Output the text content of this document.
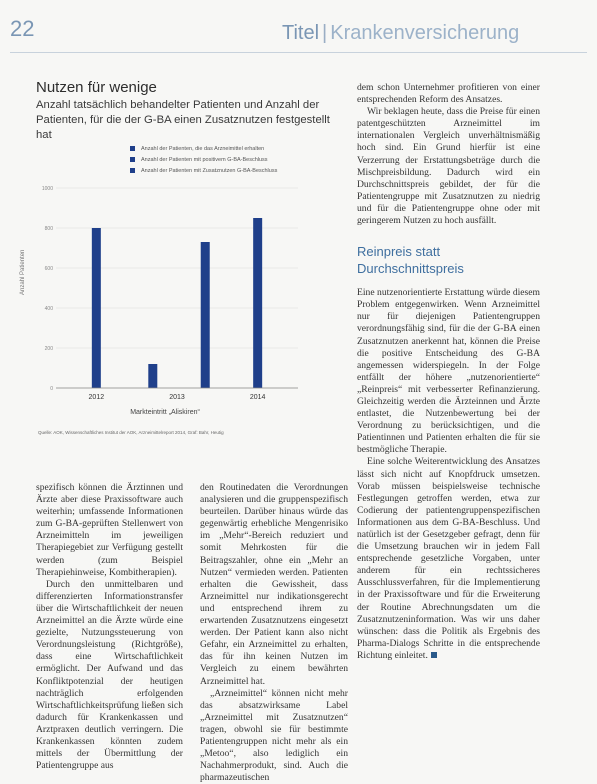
22	Titel | Krankenversicherung
Nutzen für wenige
Anzahl tatsächlich behandelter Patienten und Anzahl der Patienten, für die der G-BA einen Zusatznutzen festgestellt hat
Anzahl der Patienten, die das Arzneimittel erhalten
Anzahl der Patienten mit positivem G-BA-Beschluss
Anzahl der Patienten mit Zusatznutzen G-BA-Beschluss
1000
800
600
400
200
0
2012	2013	2014
Anzahl Patienten
Markteintritt „Aliskiren“
Quelle: AOK, Wissenschaftliches Institut der AOK, Arzneimittelreport 2014, Graf: Bahr, Heutig

dem schon Unternehmer profitieren von einer entsprechenden Reform des Ansatzes.

Wir beklagen heute, dass die Preise für einen patentgeschützten Arzneimittel im internationalen Vergleich unverhältnismäßig hoch sind. Ein Grund hierfür ist eine Verzerrung der Erstattungsbeträge durch die Mischpreisbildung. Dadurch wird ein Durchschnittspreis gebildet, der für die Patientengruppe mit Zusatznutzen zu niedrig und für die Patientengruppe ohne oder mit geringerem Nutzen zu hoch ausfällt.

Reinpreis statt Durchschnittspreis

Eine nutzenorientierte Erstattung würde diesem Problem entgegenwirken. Wenn Arzneimittel nur für diejenigen Patientengruppen verordnungsfähig sind, für die der G-BA einen Zusatznutzen anerkennt hat, können die Preise die positive Entscheidung des G-BA angemessen widerspiegeln. In der Folge entfällt der höhere „nutzenorientierte“ „Reinpreis“ mit verbesserter Refinanzierung. Gleichzeitig werden die Ärzteinnen und Ärzte entlastet, die Nutzenbewertung bei der Verordnung zu berücksichtigen, und die Patientinnen und Patienten erhalten die für sie bestmögliche Therapie.

Eine solche Weiterentwicklung des Ansatzes lässt sich nicht auf Knopfdruck umsetzen. Vorab müssen beispielsweise technische Festlegungen getroffen werden, etwa zur Codierung der patientengruppenspezifischen Informationen aus dem G-BA-Beschluss. Und natürlich ist der Gesetzgeber gefragt, denn für die Umsetzung brauchen wir in jedem Fall entsprechende gesetzliche Vorgaben, unter anderem für ein rechtssicheres Ausschlussverfahren, für die Implementierung in der Praxissoftware und für die Erweiterung der Routine Abrechnungsdaten um die Zusatznutzeninformation. Was wir uns daher wünschen: dass die Politik als Ergebnis des Pharma-Dialogs Schritte in die entsprechende Richtung einleitet.

spezifisch können die Ärztinnen und Ärzte aber diese Praxissoftware auch weiterhin; umfassende Informationen zum G-BA-geprüften Stellenwert von Arzneimitteln im jeweiligen Therapiegebiet zur Verfügung gestellt werden (zum Beispiel Therapiehinweise, Kombitherapien).

Durch den unmittelbaren und differenzierten Informationstransfer über die Wirtschaftlichkeit der neuen Arzneimittel an die Ärzte würde eine gezielte, Nutzungssteuerung von Verordnungsleistung (Richtgröße), dass eine Wirtschaftlichkeit ermöglicht. Der Aufwand und das Konfliktpotenzial der heutigen nachträglich erfolgenden Wirtschaftlichkeitsprüfung ließen sich dadurch für Krankenkassen und Arztpraxen deutlich verringern. Die Krankenkassen könnten zudem mittels der Übermittlung der Patientengruppe aus

den Routinedaten die Verordnungen analysieren und die gruppenspezifisch beurteilen. Darüber hinaus würde das gegenwärtig erhebliche Mengenrisiko im „Mehr“-Bereich reduziert und somit Mehrkosten für die Beitragszahler, ohne ein „Mehr an Nutzen“ vermieden werden. Patienten erhalten die Gewissheit, dass Arzneimittel nur indikationsgerecht und entsprechend ihrem zu erwartenden Zusatznutzens eingesetzt werden. Der Patient kann also nicht Gefahr, ein Arzneimittel zu erhalten, das für ihn keinen Nutzen im Vergleich zu einem bewährten Arzneimittel hat.

„Arzneimittel“ können nicht mehr das absatzwirksame Label „Arzneimittel mit Zusatznutzen“ tragen, obwohl sie für bestimmte Patientengruppen nicht mehr als ein „Metoo“, also lediglich ein Nachahmerprodukt, sind. Auch die pharmazeutischen
